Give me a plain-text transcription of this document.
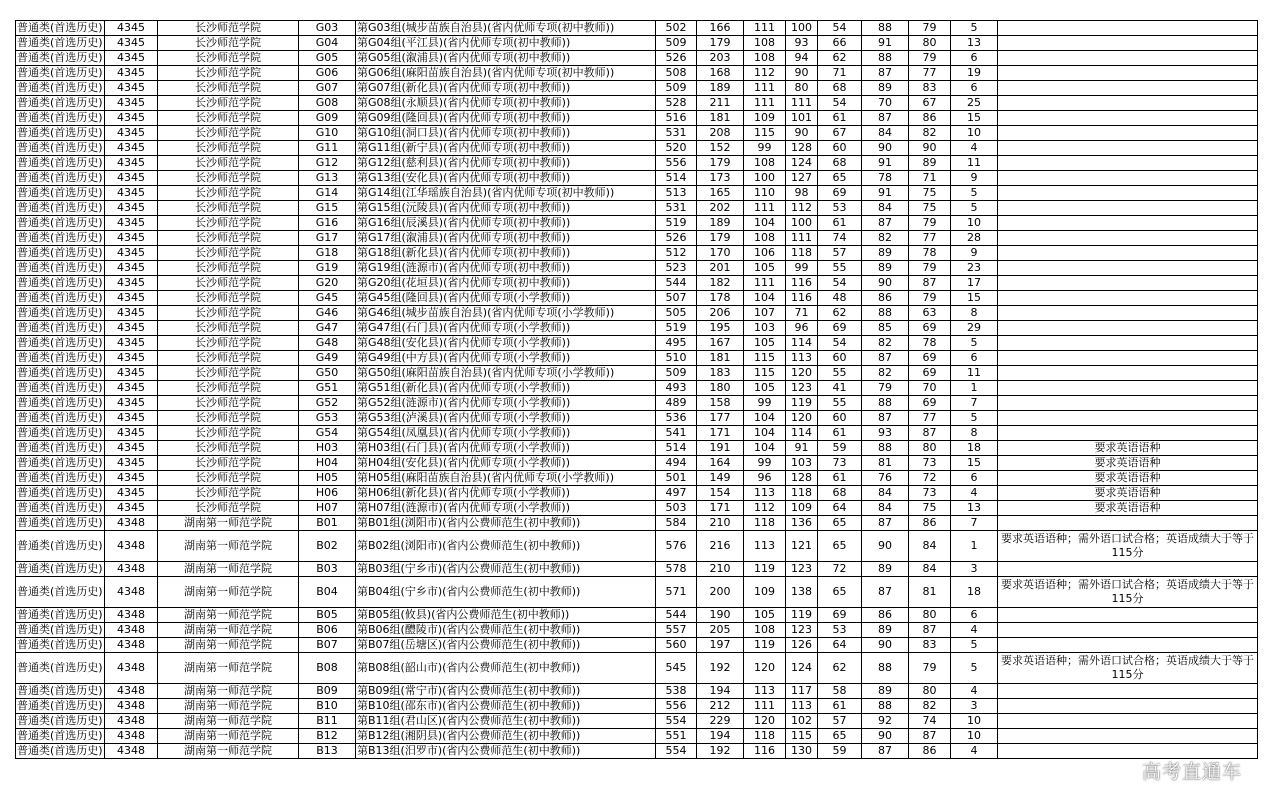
普通类(首选历史)	4345	长沙师范学院	G03	第G03组(城步苗族自治县)(省内优师专项(初中教师))	502	166	111	100	54	88	79	5	
普通类(首选历史)	4345	长沙师范学院	G04	第G04组(平江县)(省内优师专项(初中教师))	509	179	108	93	66	91	80	13	
普通类(首选历史)	4345	长沙师范学院	G05	第G05组(溆浦县)(省内优师专项(初中教师))	526	203	108	94	62	88	79	6	
普通类(首选历史)	4345	长沙师范学院	G06	第G06组(麻阳苗族自治县)(省内优师专项(初中教师))	508	168	112	90	71	87	77	19	
普通类(首选历史)	4345	长沙师范学院	G07	第G07组(新化县)(省内优师专项(初中教师))	509	189	111	80	68	89	83	6	
普通类(首选历史)	4345	长沙师范学院	G08	第G08组(永顺县)(省内优师专项(初中教师))	528	211	111	111	54	70	67	25	
普通类(首选历史)	4345	长沙师范学院	G09	第G09组(隆回县)(省内优师专项(初中教师))	516	181	109	101	61	87	86	15	
普通类(首选历史)	4345	长沙师范学院	G10	第G10组(洞口县)(省内优师专项(初中教师))	531	208	115	90	67	84	82	10	
普通类(首选历史)	4345	长沙师范学院	G11	第G11组(新宁县)(省内优师专项(初中教师))	520	152	99	128	60	90	90	4	
普通类(首选历史)	4345	长沙师范学院	G12	第G12组(慈利县)(省内优师专项(初中教师))	556	179	108	124	68	91	89	11	
普通类(首选历史)	4345	长沙师范学院	G13	第G13组(安化县)(省内优师专项(初中教师))	514	173	100	127	65	78	71	9	
普通类(首选历史)	4345	长沙师范学院	G14	第G14组(江华瑶族自治县)(省内优师专项(初中教师))	513	165	110	98	69	91	75	5	
普通类(首选历史)	4345	长沙师范学院	G15	第G15组(沅陵县)(省内优师专项(初中教师))	531	202	111	112	53	84	75	5	
普通类(首选历史)	4345	长沙师范学院	G16	第G16组(辰溪县)(省内优师专项(初中教师))	519	189	104	100	61	87	79	10	
普通类(首选历史)	4345	长沙师范学院	G17	第G17组(溆浦县)(省内优师专项(初中教师))	526	179	108	111	74	82	77	28	
普通类(首选历史)	4345	长沙师范学院	G18	第G18组(新化县)(省内优师专项(初中教师))	512	170	106	118	57	89	78	9	
普通类(首选历史)	4345	长沙师范学院	G19	第G19组(涟源市)(省内优师专项(初中教师))	523	201	105	99	55	89	79	23	
普通类(首选历史)	4345	长沙师范学院	G20	第G20组(花垣县)(省内优师专项(初中教师))	544	182	111	116	54	90	87	17	
普通类(首选历史)	4345	长沙师范学院	G45	第G45组(隆回县)(省内优师专项(小学教师))	507	178	104	116	48	86	79	15	
普通类(首选历史)	4345	长沙师范学院	G46	第G46组(城步苗族自治县)(省内优师专项(小学教师))	505	206	107	71	62	88	63	8	
普通类(首选历史)	4345	长沙师范学院	G47	第G47组(石门县)(省内优师专项(小学教师))	519	195	103	96	69	85	69	29	
普通类(首选历史)	4345	长沙师范学院	G48	第G48组(安化县)(省内优师专项(小学教师))	495	167	105	114	54	82	78	5	
普通类(首选历史)	4345	长沙师范学院	G49	第G49组(中方县)(省内优师专项(小学教师))	510	181	115	113	60	87	69	6	
普通类(首选历史)	4345	长沙师范学院	G50	第G50组(麻阳苗族自治县)(省内优师专项(小学教师))	509	183	115	120	55	82	69	11	
普通类(首选历史)	4345	长沙师范学院	G51	第G51组(新化县)(省内优师专项(小学教师))	493	180	105	123	41	79	70	1	
普通类(首选历史)	4345	长沙师范学院	G52	第G52组(涟源市)(省内优师专项(小学教师))	489	158	99	119	55	88	69	7	
普通类(首选历史)	4345	长沙师范学院	G53	第G53组(泸溪县)(省内优师专项(小学教师))	536	177	104	120	60	87	77	5	
普通类(首选历史)	4345	长沙师范学院	G54	第G54组(凤凰县)(省内优师专项(小学教师))	541	171	104	114	61	93	87	8	
普通类(首选历史)	4345	长沙师范学院	H03	第H03组(石门县)(省内优师专项(小学教师))	514	191	104	91	59	88	80	18	要求英语语种
普通类(首选历史)	4345	长沙师范学院	H04	第H04组(安化县)(省内优师专项(小学教师))	494	164	99	103	73	81	73	15	要求英语语种
普通类(首选历史)	4345	长沙师范学院	H05	第H05组(麻阳苗族自治县)(省内优师专项(小学教师))	501	149	96	128	61	76	72	6	要求英语语种
普通类(首选历史)	4345	长沙师范学院	H06	第H06组(新化县)(省内优师专项(小学教师))	497	154	113	118	68	84	73	4	要求英语语种
普通类(首选历史)	4345	长沙师范学院	H07	第H07组(涟源市)(省内优师专项(小学教师))	503	171	112	109	64	84	75	13	要求英语语种
普通类(首选历史)	4348	湖南第一师范学院	B01	第B01组(浏阳市)(省内公费师范生(初中教师))	584	210	118	136	65	87	86	7	
普通类(首选历史)	4348	湖南第一师范学院	B02	第B02组(浏阳市)(省内公费师范生(初中教师))	576	216	113	121	65	90	84	1	要求英语语种；需外语口试合格；英语成绩大于等于115分
普通类(首选历史)	4348	湖南第一师范学院	B03	第B03组(宁乡市)(省内公费师范生(初中教师))	578	210	119	123	72	89	84	3	
普通类(首选历史)	4348	湖南第一师范学院	B04	第B04组(宁乡市)(省内公费师范生(初中教师))	571	200	109	138	65	87	81	18	要求英语语种；需外语口试合格；英语成绩大于等于115分
普通类(首选历史)	4348	湖南第一师范学院	B05	第B05组(攸县)(省内公费师范生(初中教师))	544	190	105	119	69	86	80	6	
普通类(首选历史)	4348	湖南第一师范学院	B06	第B06组(醴陵市)(省内公费师范生(初中教师))	557	205	108	123	53	89	87	4	
普通类(首选历史)	4348	湖南第一师范学院	B07	第B07组(岳塘区)(省内公费师范生(初中教师))	560	197	119	126	64	90	83	5	
普通类(首选历史)	4348	湖南第一师范学院	B08	第B08组(韶山市)(省内公费师范生(初中教师))	545	192	120	124	62	88	79	5	要求英语语种；需外语口试合格；英语成绩大于等于115分
普通类(首选历史)	4348	湖南第一师范学院	B09	第B09组(常宁市)(省内公费师范生(初中教师))	538	194	113	117	58	89	80	4	
普通类(首选历史)	4348	湖南第一师范学院	B10	第B10组(邵东市)(省内公费师范生(初中教师))	556	212	111	113	61	88	82	3	
普通类(首选历史)	4348	湖南第一师范学院	B11	第B11组(君山区)(省内公费师范生(初中教师))	554	229	120	102	57	92	74	10	
普通类(首选历史)	4348	湖南第一师范学院	B12	第B12组(湘阴县)(省内公费师范生(初中教师))	551	194	118	115	65	90	87	10	
普通类(首选历史)	4348	湖南第一师范学院	B13	第B13组(汨罗市)(省内公费师范生(初中教师))	554	192	116	130	59	87	86	4	
高考直通车
